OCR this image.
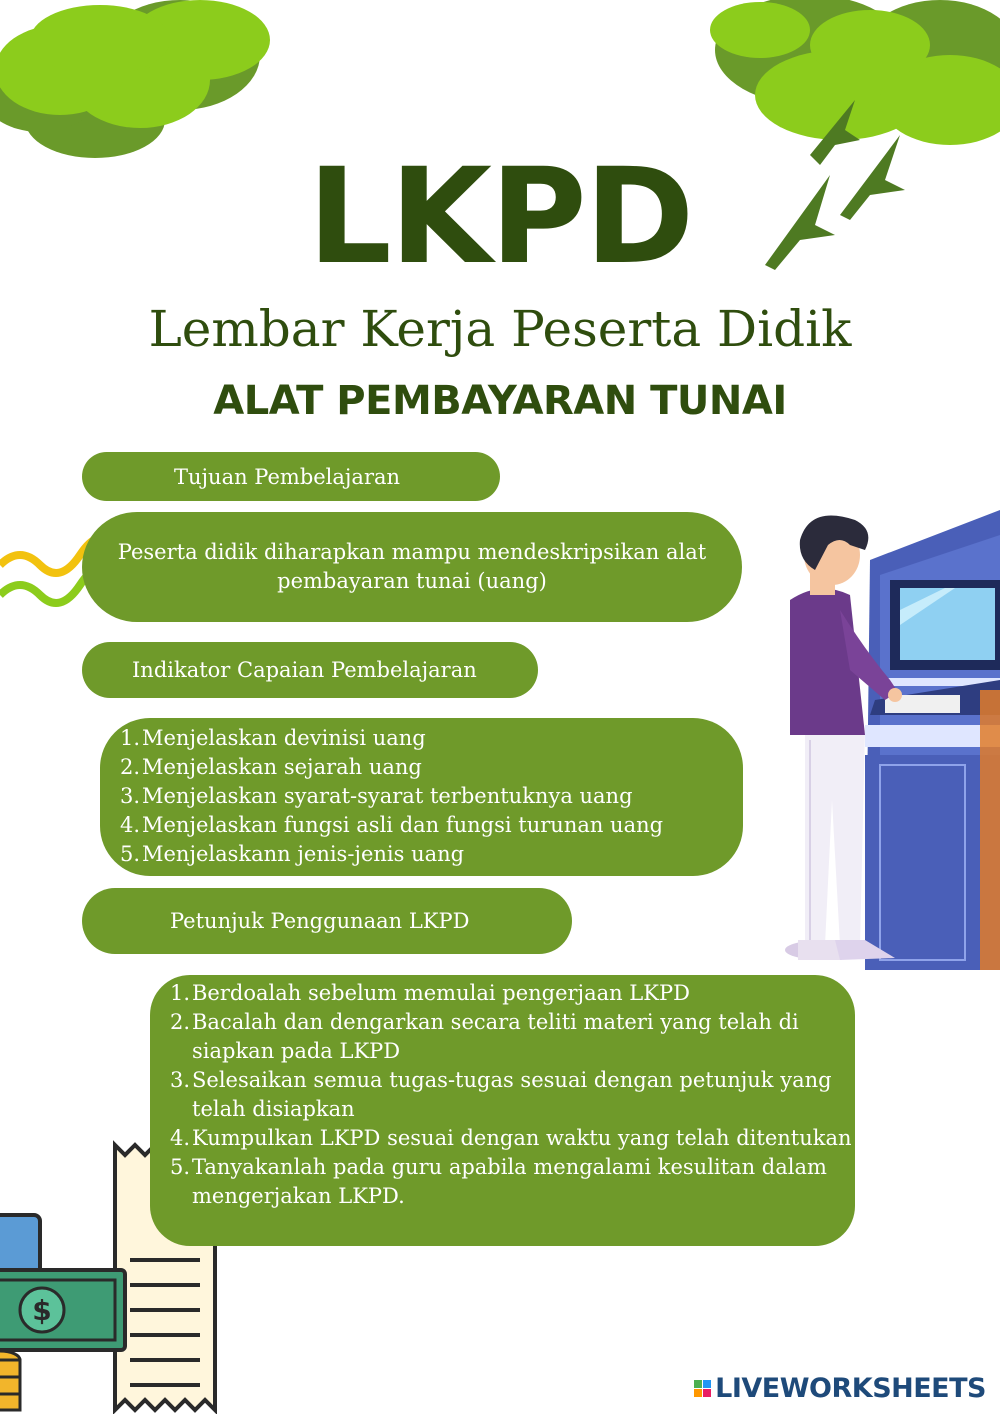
LKPD
Lembar Kerja Peserta Didik
ALAT PEMBAYARAN TUNAI
Tujuan Pembelajaran
Peserta didik diharapkan mampu mendeskripsikan alat pembayaran tunai (uang)
Indikator Capaian Pembelajaran
1. Menjelaskan devinisi uang
2. Menjelaskan sejarah uang
3. Menjelaskan syarat-syarat terbentuknya uang
4. Menjelaskan fungsi asli dan fungsi turunan uang
5. Menjelaskann jenis-jenis uang
Petunjuk Penggunaan LKPD
$
1. Berdoalah sebelum memulai pengerjaan LKPD
2. Bacalah dan dengarkan secara teliti materi yang telah di siapkan pada LKPD
3. Selesaikan semua tugas-tugas sesuai dengan petunjuk yang telah disiapkan
4. Kumpulkan LKPD sesuai dengan waktu yang telah ditentukan
5. Tanyakanlah pada guru apabila mengalami kesulitan dalam mengerjakan LKPD.
LIVEWORKSHEETS
